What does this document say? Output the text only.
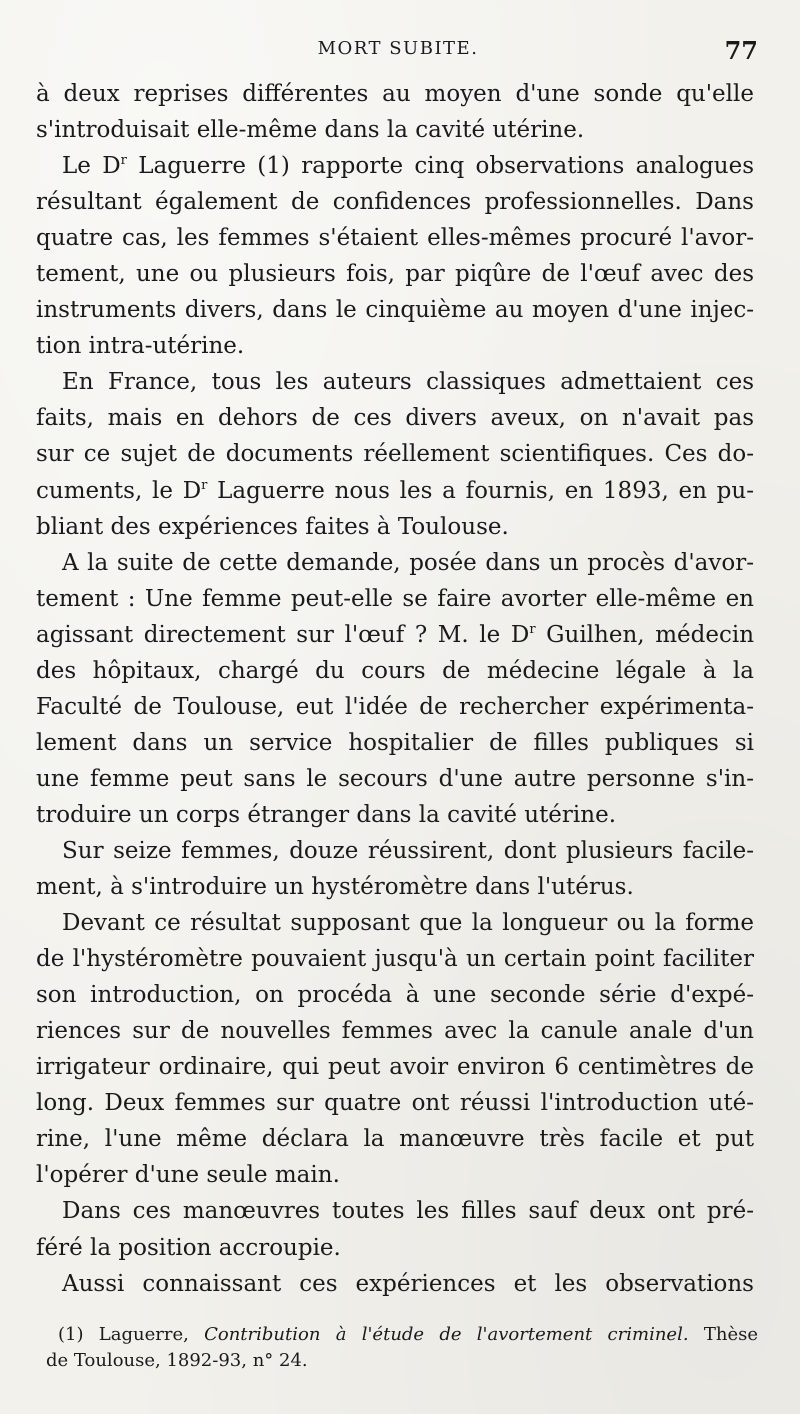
MORT SUBITE.	77
à deux reprises différentes au moyen d'une sonde qu'elle
s'introduisait elle-même dans la cavité utérine.
Le $D^r$ Laguerre (1) rapporte cinq observations analogues
résultant également de confidences professionnelles. Dans
quatre cas, les femmes s'étaient elles-mêmes procuré l'avor-
tement, une ou plusieurs fois, par piqûre de l'œuf avec des
instruments divers, dans le cinquième au moyen d'une injec-
tion intra-utérine.
En France, tous les auteurs classiques admettaient ces
faits, mais en dehors de ces divers aveux, on n'avait pas
sur ce sujet de documents réellement scientifiques. Ces do-
cuments, le $D^r$ Laguerre nous les a fournis, en 1893, en pu-
bliant des expériences faites à Toulouse.
A la suite de cette demande, posée dans un procès d'avor-
tement : Une femme peut-elle se faire avorter elle-même en
agissant directement sur l'œuf ? M. le $D^r$ Guilhen, médecin
des hôpitaux, chargé du cours de médecine légale à la
Faculté de Toulouse, eut l'idée de rechercher expérimenta-
lement dans un service hospitalier de filles publiques si
une femme peut sans le secours d'une autre personne s'in-
troduire un corps étranger dans la cavité utérine.
Sur seize femmes, douze réussirent, dont plusieurs facile-
ment, à s'introduire un hystéromètre dans l'utérus.
Devant ce résultat supposant que la longueur ou la forme
de l'hystéromètre pouvaient jusqu'à un certain point faciliter
son introduction, on procéda à une seconde série d'expé-
riences sur de nouvelles femmes avec la canule anale d'un
irrigateur ordinaire, qui peut avoir environ 6 centimètres de
long. Deux femmes sur quatre ont réussi l'introduction uté-
rine, l'une même déclara la manœuvre très facile et put
l'opérer d'une seule main.
Dans ces manœuvres toutes les filles sauf deux ont pré-
féré la position accroupie.
Aussi connaissant ces expériences et les observations
(1) Laguerre, Contribution à l'étude de l'avortement criminel. Thèse
de Toulouse, 1892-93, n° 24.
